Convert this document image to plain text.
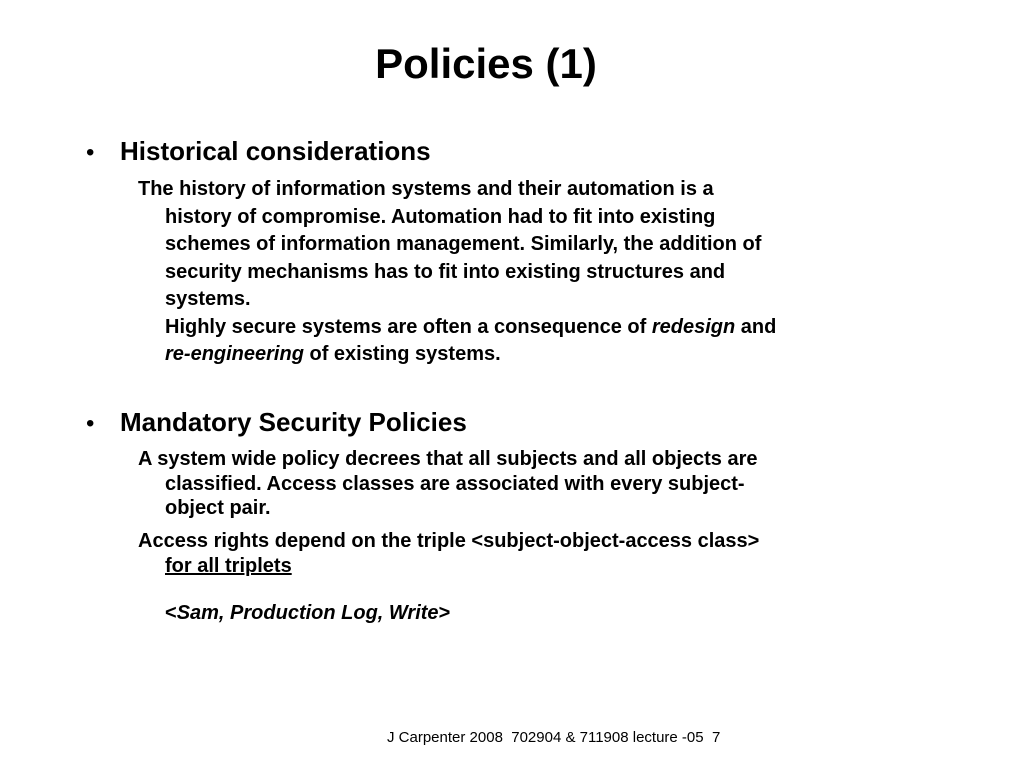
Policies (1)
• Historical considerations
The history of information systems and their automation is a
history of compromise. Automation had to fit into existing
schemes of information management. Similarly, the addition of
security mechanisms has to fit into existing structures and
systems.
Highly secure systems are often a consequence of redesign and
re-engineering of existing systems.
• Mandatory Security Policies
A system wide policy decrees that all subjects and all objects are
classified. Access classes are associated with every subject-
object pair.
Access rights depend on the triple <subject-object-access class>
for all triplets
<Sam, Production Log, Write>
J Carpenter 2008  702904 & 711908 lecture -05  7
